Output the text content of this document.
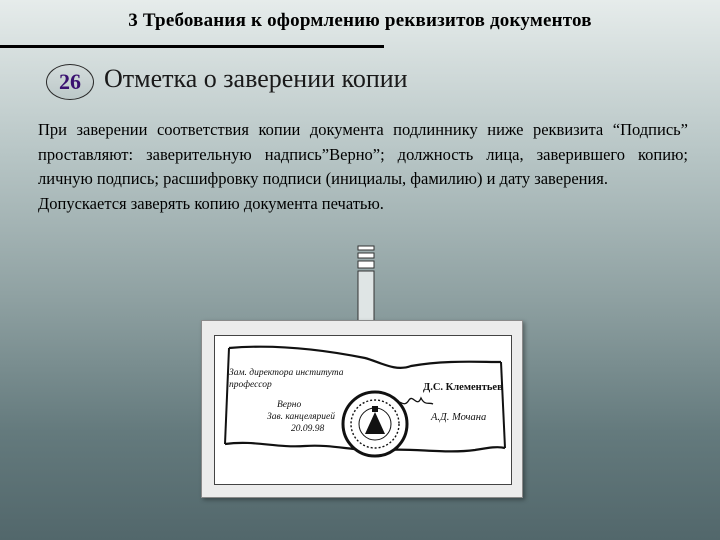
3 Требования к оформлению реквизитов документов
26 Отметка о заверении копии

При заверении соответствия копии документа подлиннику ниже реквизита “Подпись” проставляют: заверительную надпись”Верно”; должность лица, заверившего копию; личную подпись; расшифровку подписи (инициалы, фамилию) и дату заверения.

Допускается заверять копию документа печатью.

Зам. директора института
профессор	Д.С. Клементьев
Верно
Зав. канцелярией
20.09.98
А.Д. Мочана
